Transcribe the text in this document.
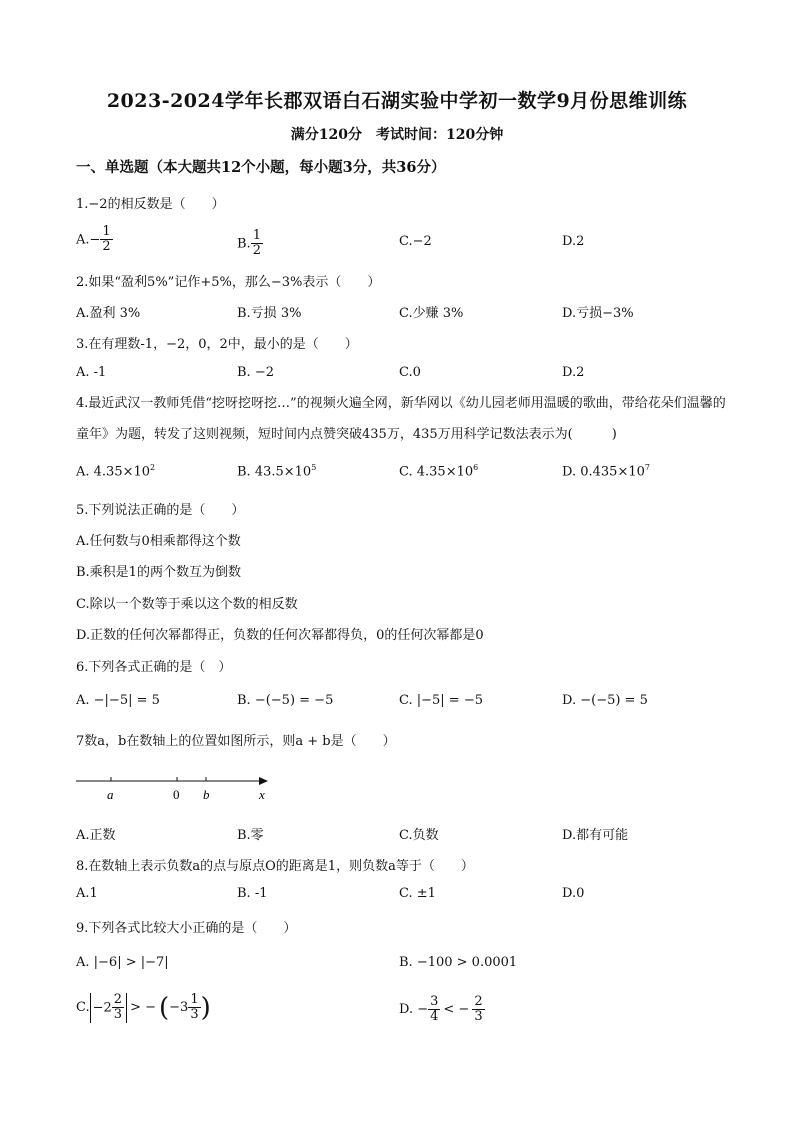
2023-2024学年长郡双语白石湖实验中学初一数学9月份思维训练
满分120分　考试时间：120分钟
一、单选题（本大题共12个小题，每小题3分，共36分）
1.−2的相反数是（　　）
$A.- \frac{1}{2}$	B. $\frac{1}{2}$	C.−2	D.2
2.如果“盈利5%”记作+5%，那么−3%表示（　　）
A.盈利 3%	B.亏损 3%	C.少赚 3%	D.亏损−3%
3.在有理数-1，−2，0，2中，最小的是（　　）
A. -1	B. −2	C.0	D.2
4.最近武汉一教师凭借“挖呀挖呀挖…”的视频火遍全网，新华网以《幼儿园老师用温暖的歌曲，带给花朵们温馨的童年》为题，转发了这则视频，短时间内点赞突破435万，435万用科学记数法表示为(　　　)
A. $4.35\times 10^2$	B. $43.5\times 10^5$	C. $4.35\times 10^6$	D. $0.435\times 10^7$
5.下列说法正确的是（　　）
A.任何数与0相乘都得这个数
B.乘积是1的两个数互为倒数
C.除以一个数等于乘以这个数的相反数
D.正数的任何次幂都得正，负数的任何次幂都得负，0的任何次幂都是0
6.下列各式正确的是（　）
A. −|−5| = 5	B. −(−5) = −5	C. |−5| = −5	D. −(−5) = 5
7数a，b在数轴上的位置如图所示，则a + b是（　　）
a	0 b	x
A.正数	B.零	C.负数	D.都有可能
8.在数轴上表示负数a的点与原点O的距离是1，则负数a等于（　　）
A.1	B. -1	C. ±1	D.0
9.下列各式比较大小正确的是（　　）
A. |−6| > |−7|	B. −100 > 0.0001
C. $-2 \frac{2}{3}$ > − ( $-3 \frac{1}{3}$ )	D. − $\frac{3}{4}$ < − $\frac{2}{3}$
